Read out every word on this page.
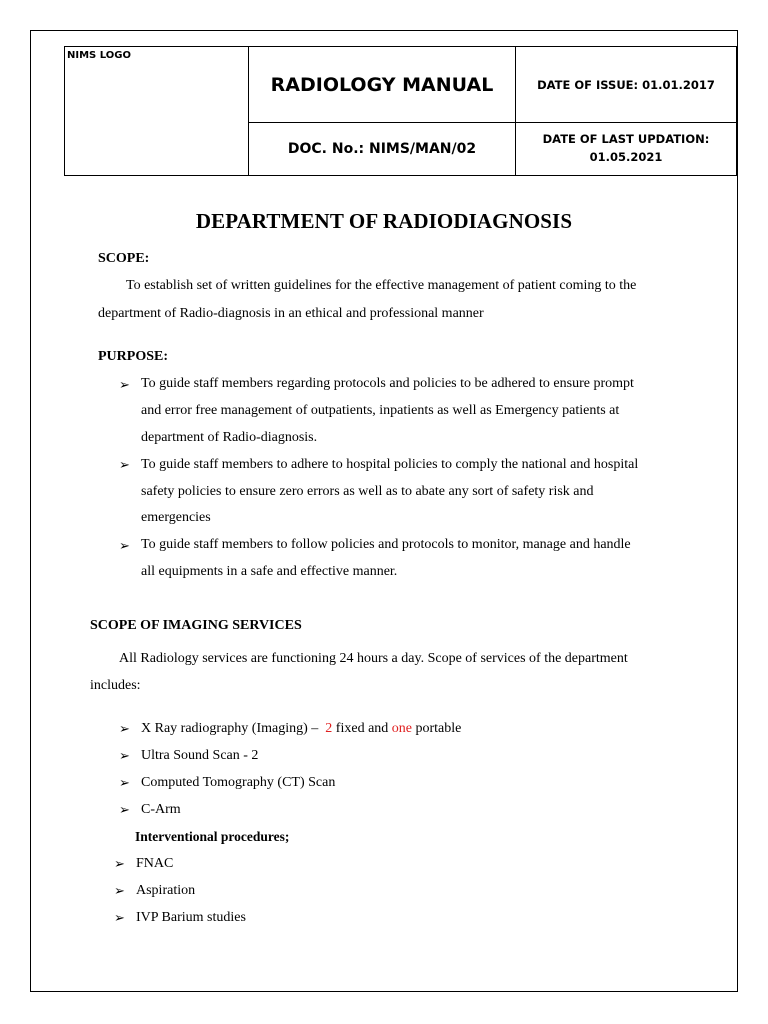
NIMS LOGO	RADIOLOGY MANUAL	DATE OF ISSUE: 01.01.2017
	DOC. No.: NIMS/MAN/02	DATE OF LAST UPDATION:
01.05.2021
DEPARTMENT OF RADIODIAGNOSIS
SCOPE:
To establish set of written guidelines for the effective management of patient coming to the
department of Radio-diagnosis in an ethical and professional manner
PURPOSE:
➢ To guide staff members regarding protocols and policies to be adhered to ensure prompt
and error free management of outpatients, inpatients as well as Emergency patients at
department of Radio-diagnosis.
➢ To guide staff members to adhere to hospital policies to comply the national and hospital
safety policies to ensure zero errors as well as to abate any sort of safety risk and
emergencies
➢ To guide staff members to follow policies and protocols to monitor, manage and handle
all equipments in a safe and effective manner.
SCOPE OF IMAGING SERVICES
All Radiology services are functioning 24 hours a day. Scope of services of the department
includes:
➢ X Ray radiography (Imaging) – 2 fixed and one portable
➢ Ultra Sound Scan - 2
➢ Computed Tomography (CT) Scan
➢ C-Arm
Interventional procedures;
➢ FNAC
➢ Aspiration
➢ IVP Barium studies
